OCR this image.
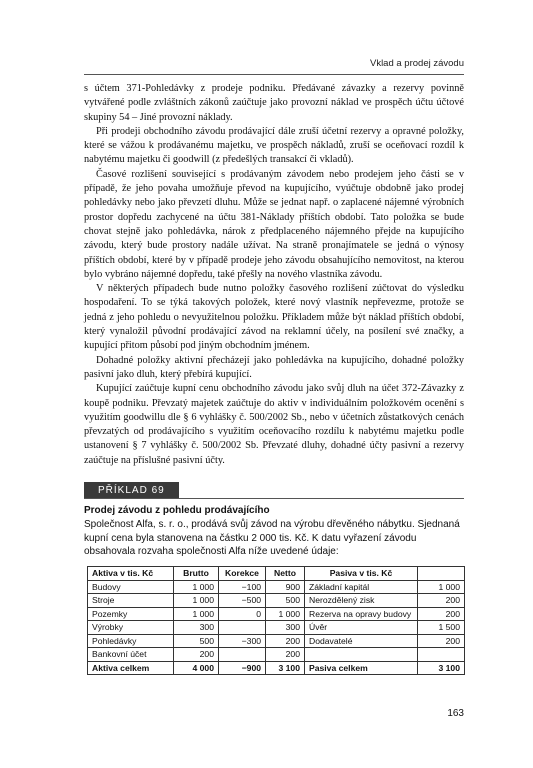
Vklad a prodej závodu

s účtem 371-Pohledávky z prodeje podniku. Předávané závazky a rezervy povinně vytvářené podle zvláštních zákonů zaúčtuje jako provozní náklad ve prospěch účtu účtové skupiny 54 – Jiné provozní náklady.

Při prodeji obchodního závodu prodávající dále zruší účetní rezervy a opravné položky, které se vážou k prodávanému majetku, ve prospěch nákladů, zruší se oceňovací rozdíl k nabytému majetku či goodwill (z předešlých transakcí či vkladů).

Časové rozlišení související s prodávaným závodem nebo prodejem jeho části se v případě, že jeho povaha umožňuje převod na kupujícího, vyúčtuje obdobně jako prodej pohledávky nebo jako převzetí dluhu. Může se jednat např. o zaplacené nájemné výrobních prostor dopředu zachycené na účtu 381-Náklady příštích období. Tato položka se bude chovat stejně jako pohledávka, nárok z předplaceného nájemného přejde na kupujícího závodu, který bude prostory nadále užívat. Na straně pronajímatele se jedná o výnosy příštích období, které by v případě prodeje jeho závodu obsahujícího nemovitost, na kterou bylo vybráno nájemné dopředu, také přešly na nového vlastníka závodu.

V některých případech bude nutno položky časového rozlišení zúčtovat do výsledku hospodaření. To se týká takových položek, které nový vlastník nepřevezme, protože se jedná z jeho pohledu o nevyužitelnou položku. Příkladem může být náklad příštích období, který vynaložil původní prodávající závod na reklamní účely, na posílení své značky, a kupující přitom působí pod jiným obchodním jménem.

Dohadné položky aktivní přecházejí jako pohledávka na kupujícího, dohadné položky pasivní jako dluh, který přebírá kupující.

Kupující zaúčtuje kupní cenu obchodního závodu jako svůj dluh na účet 372-Závazky z koupě podniku. Převzatý majetek zaúčtuje do aktiv v individuálním položkovém ocenění s využitím goodwillu dle § 6 vyhlášky č. 500/2002 Sb., nebo v účetních zůstatkových cenách převzatých od prodávajícího s využitím oceňovacího rozdílu k nabytému majetku podle ustanovení § 7 vyhlášky č. 500/2002 Sb. Převzaté dluhy, dohadné účty pasivní a rezervy zaúčtuje na příslušné pasivní účty.

PŘÍKLAD 69
Prodej závodu z pohledu prodávajícího
Společnost Alfa, s. r. o., prodává svůj závod na výrobu dřevěného nábytku. Sjednaná kupní cena byla stanovena na částku 2 000 tis. Kč. K datu vyřazení závodu obsahovala rozvaha společnosti Alfa níže uvedené údaje:
Aktiva v tis. Kč	Brutto	Korekce	Netto	Pasiva v tis. Kč	
Budovy	1 000	−100	900	Základní kapitál	1 000
Stroje	1 000	−500	500	Nerozdělený zisk	200
Pozemky	1 000	0	1 000	Rezerva na opravy budovy	200
Výrobky	300		300	Úvěr	1 500
Pohledávky	500	−300	200	Dodavatelé	200
Bankovní účet	200		200		
Aktiva celkem	4 000	−900	3 100	Pasiva celkem	3 100
163
